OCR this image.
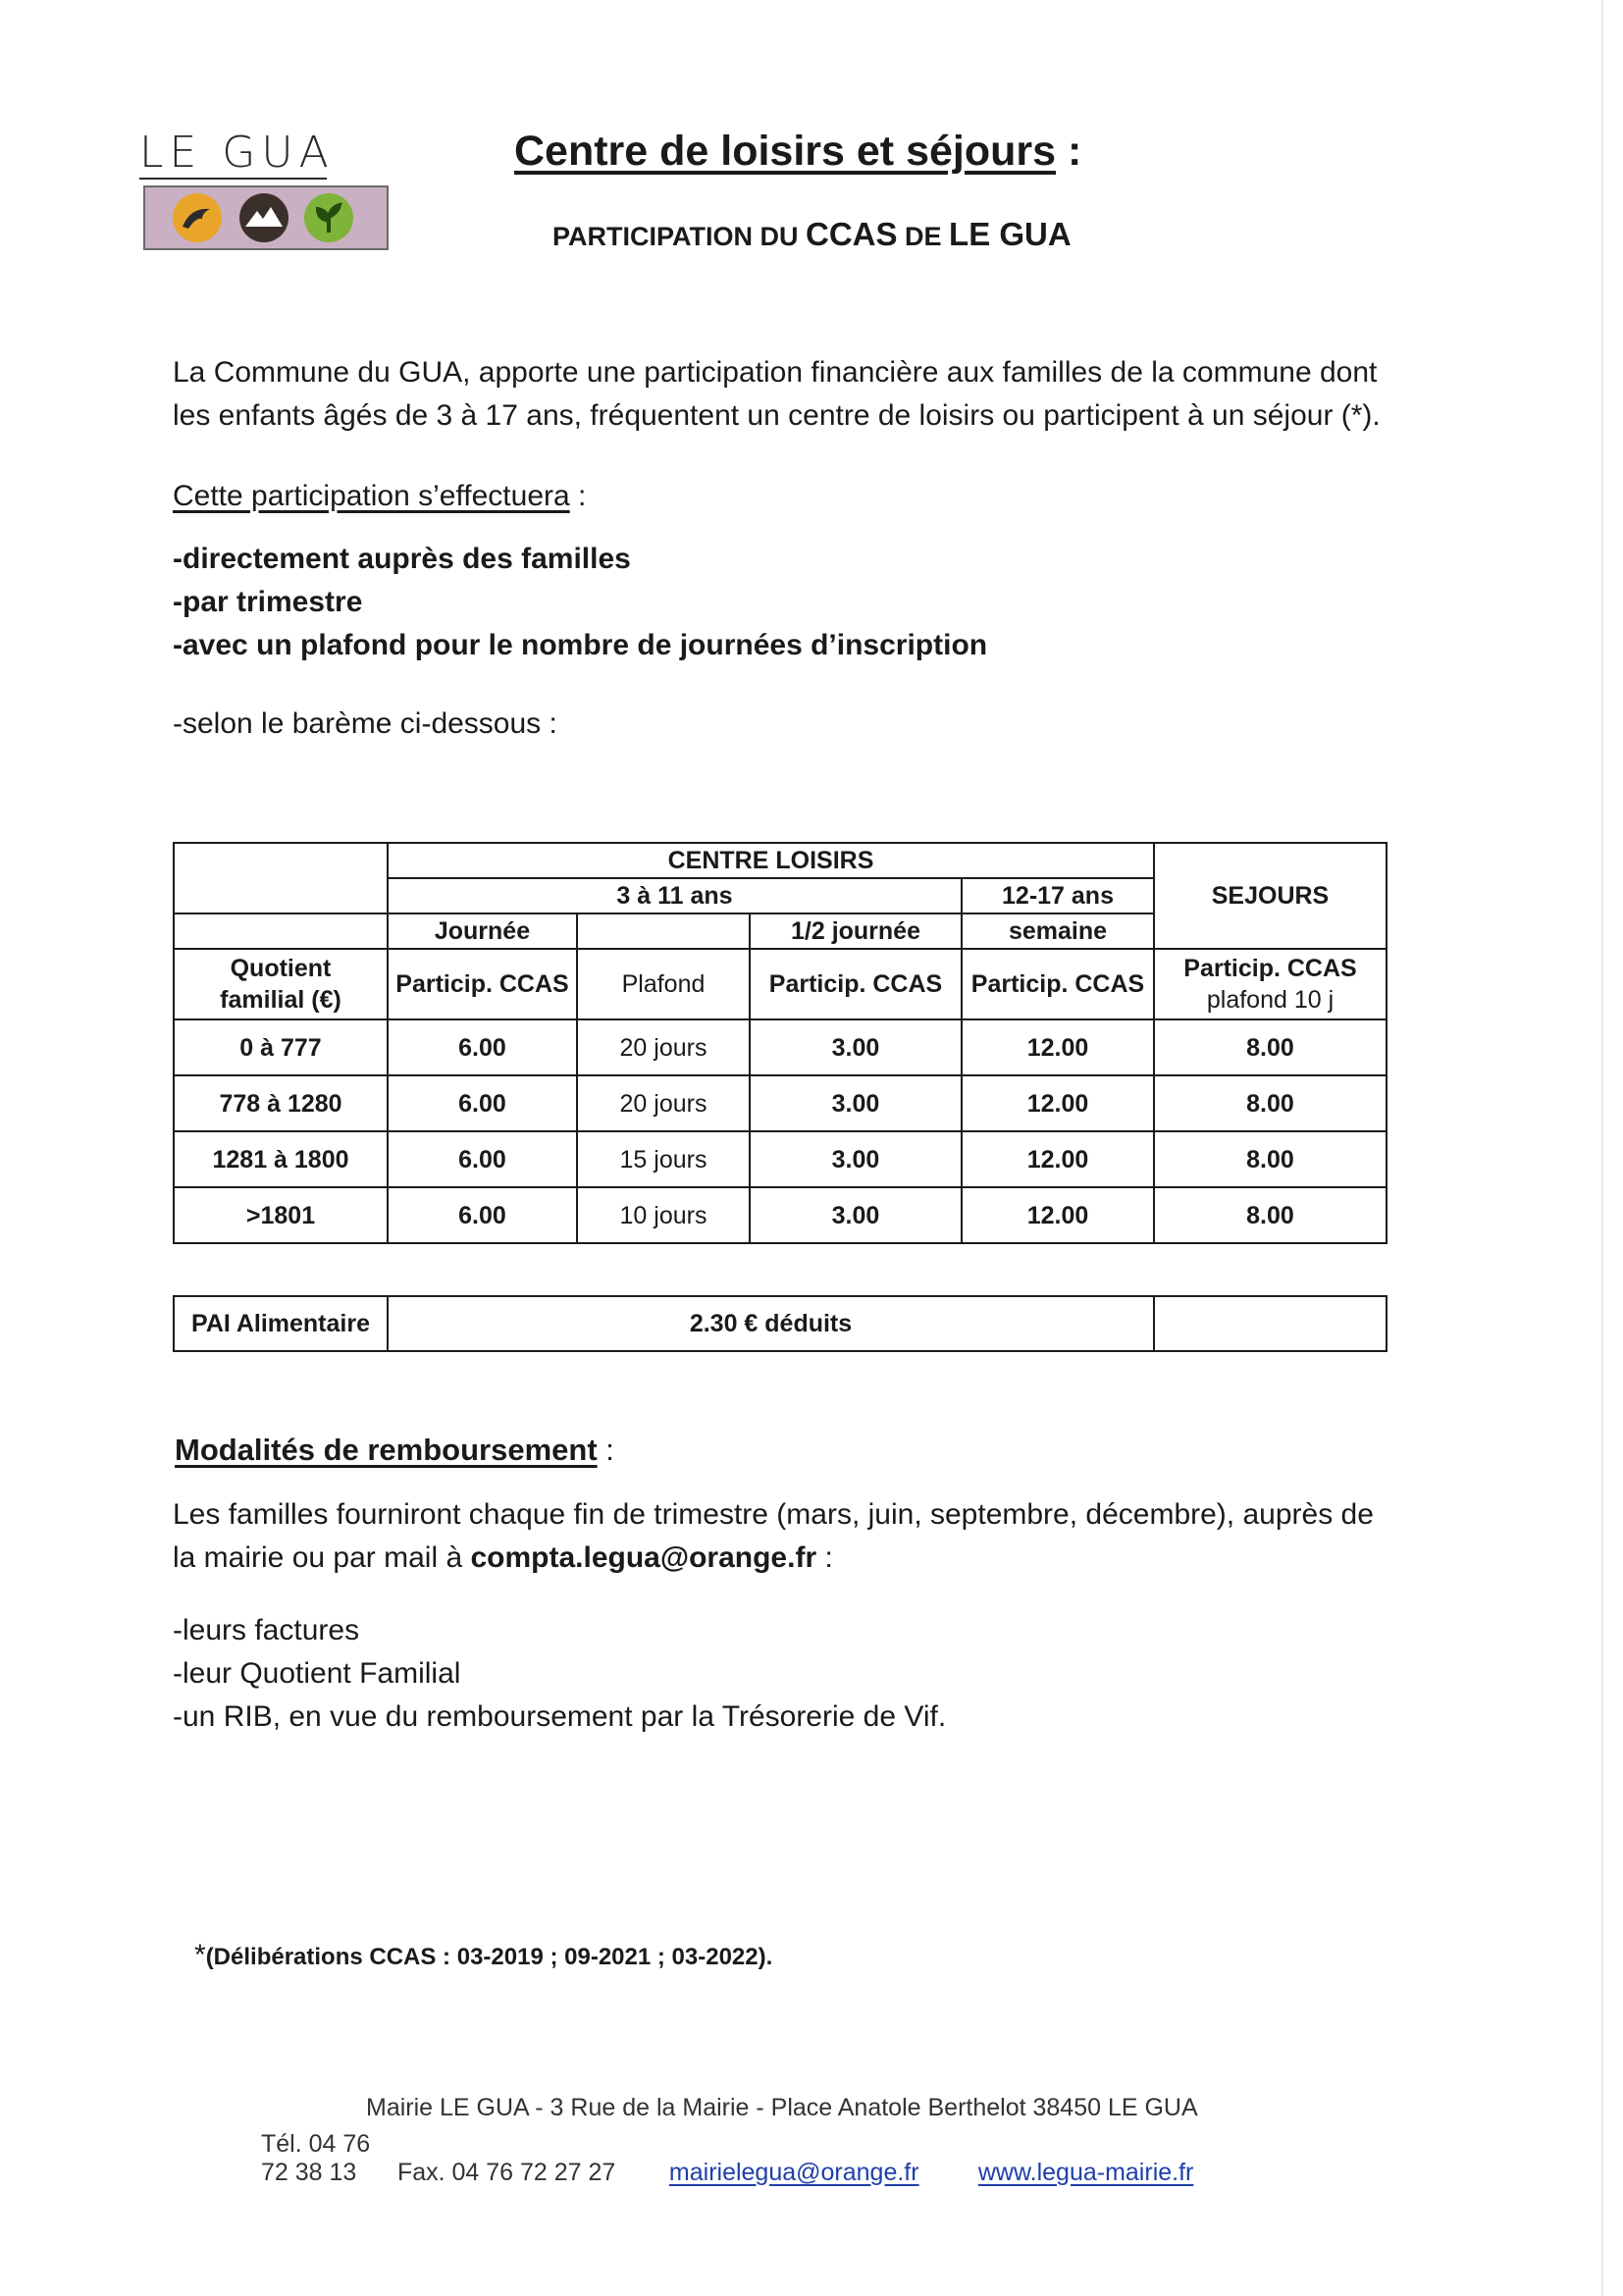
LE GUA	Centre de loisirs et séjours :
PARTICIPATION DU CCAS DE LE GUA
La Commune du GUA, apporte une participation financière aux familles de la commune dont
les enfants âgés de 3 à 17 ans, fréquentent un centre de loisirs ou participent à un séjour (*).
Cette participation s’effectuera :
-directement auprès des familles
-par trimestre
-avec un plafond pour le nombre de journées d’inscription
-selon le barème ci-dessous :
	CENTRE LOISIRS				SEJOURS
	3 à 11 ans			12-17 ans	
	Journée		1/2 journée	semaine	

Quotient familial (€)	Particip. CCAS	Plafond	Particip. CCAS	Particip. CCAS	Particip. CCAS
plafond 10 j

0 à 777	6.00	20 jours	3.00	12.00	8.00
778 à 1280	6.00	20 jours	3.00	12.00	8.00
1281 à 1800	6.00	15 jours	3.00	12.00	8.00
>1801	6.00	10 jours	3.00	12.00	8.00
PAI Alimentaire	2.30 € déduits	
Modalités de remboursement :
Les familles fourniront chaque fin de trimestre (mars, juin, septembre, décembre), auprès de
la mairie ou par mail à compta.legua@orange.fr :
-leurs factures
-leur Quotient Familial
-un RIB, en vue du remboursement par la Trésorerie de Vif.
*(Délibérations CCAS : 03-2019 ; 09-2021 ; 03-2022).
Mairie LE GUA - 3 Rue de la Mairie - Place Anatole Berthelot 38450 LE GUA
Tél. 04 76 72 38 13 Fax. 04 76 72 27 27 mairielegua@orange.fr www.legua-mairie.fr
